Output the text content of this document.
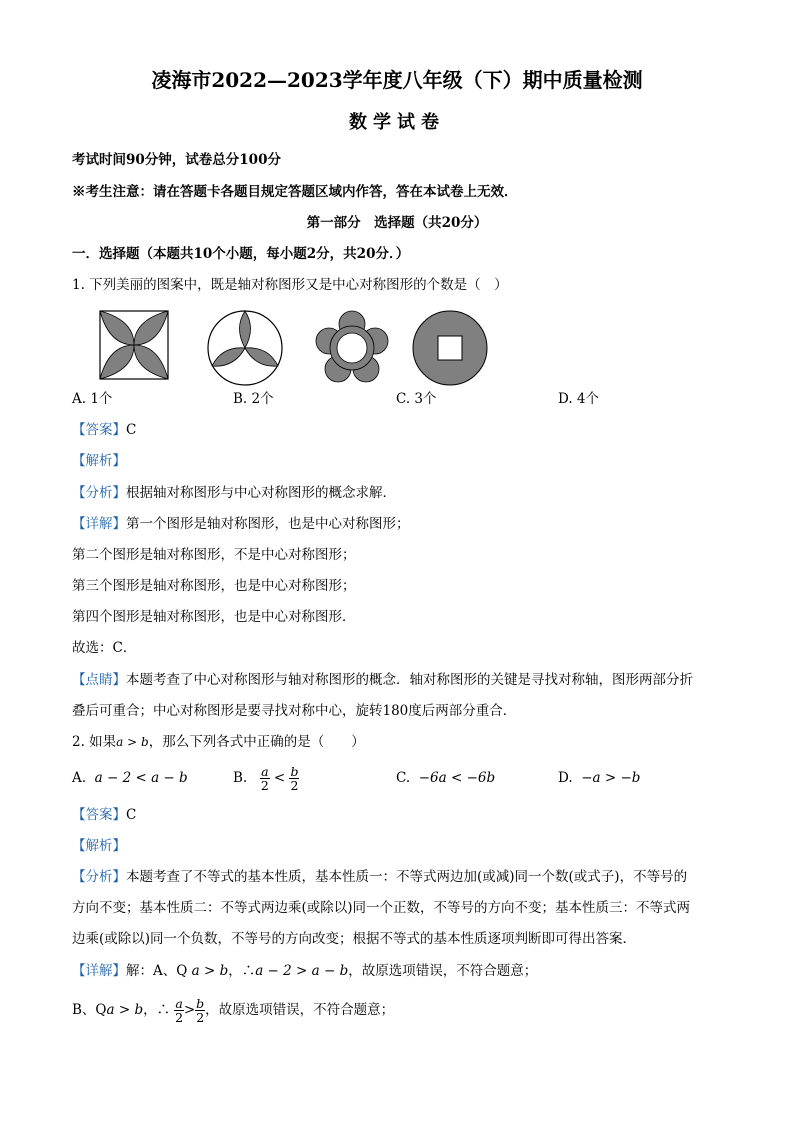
凌海市2022—2023学年度八年级（下）期中质量检测
数学试卷
考试时间90分钟，试卷总分100分
※考生注意：请在答题卡各题目规定答题区域内作答，答在本试卷上无效．
第一部分　选择题（共20分）
一．选择题（本题共10个小题，每小题2分，共20分．）
1. 下列美丽的图案中，既是轴对称图形又是中心对称图形的个数是（　）
A. 1个	B. 2个	C. 3个	D. 4个
【答案】C
【解析】
【分析】根据轴对称图形与中心对称图形的概念求解．
【详解】第一个图形是轴对称图形，也是中心对称图形；
第二个图形是轴对称图形，不是中心对称图形；
第三个图形是轴对称图形，也是中心对称图形；
第四个图形是轴对称图形，也是中心对称图形．
故选：C．
【点睛】本题考查了中心对称图形与轴对称图形的概念．轴对称图形的关键是寻找对称轴，图形两部分折
叠后可重合；中心对称图形是要寻找对称中心，旋转180度后两部分重合．
2. 如果a > b，那么下列各式中正确的是（　　）
A. a − 2 < a − b	B. $\frac{a}{2} < \frac{b}{2}$	C. −6a < −6b	D. −a > −b
【答案】C
【解析】
【分析】本题考查了不等式的基本性质，基本性质一：不等式两边加(或减)同一个数(或式子)，不等号的
方向不变；基本性质二：不等式两边乘(或除以)同一个正数，不等号的方向不变；基本性质三：不等式两
边乘(或除以)同一个负数，不等号的方向改变；根据不等式的基本性质逐项判断即可得出答案．
【详解】解：A、Q a > b，∴a − 2 > a − b，故原选项错误，不符合题意；
B、Qa > b，∴ $\frac{a}{2} > \frac{b}{2}$ ，故原选项错误，不符合题意；
